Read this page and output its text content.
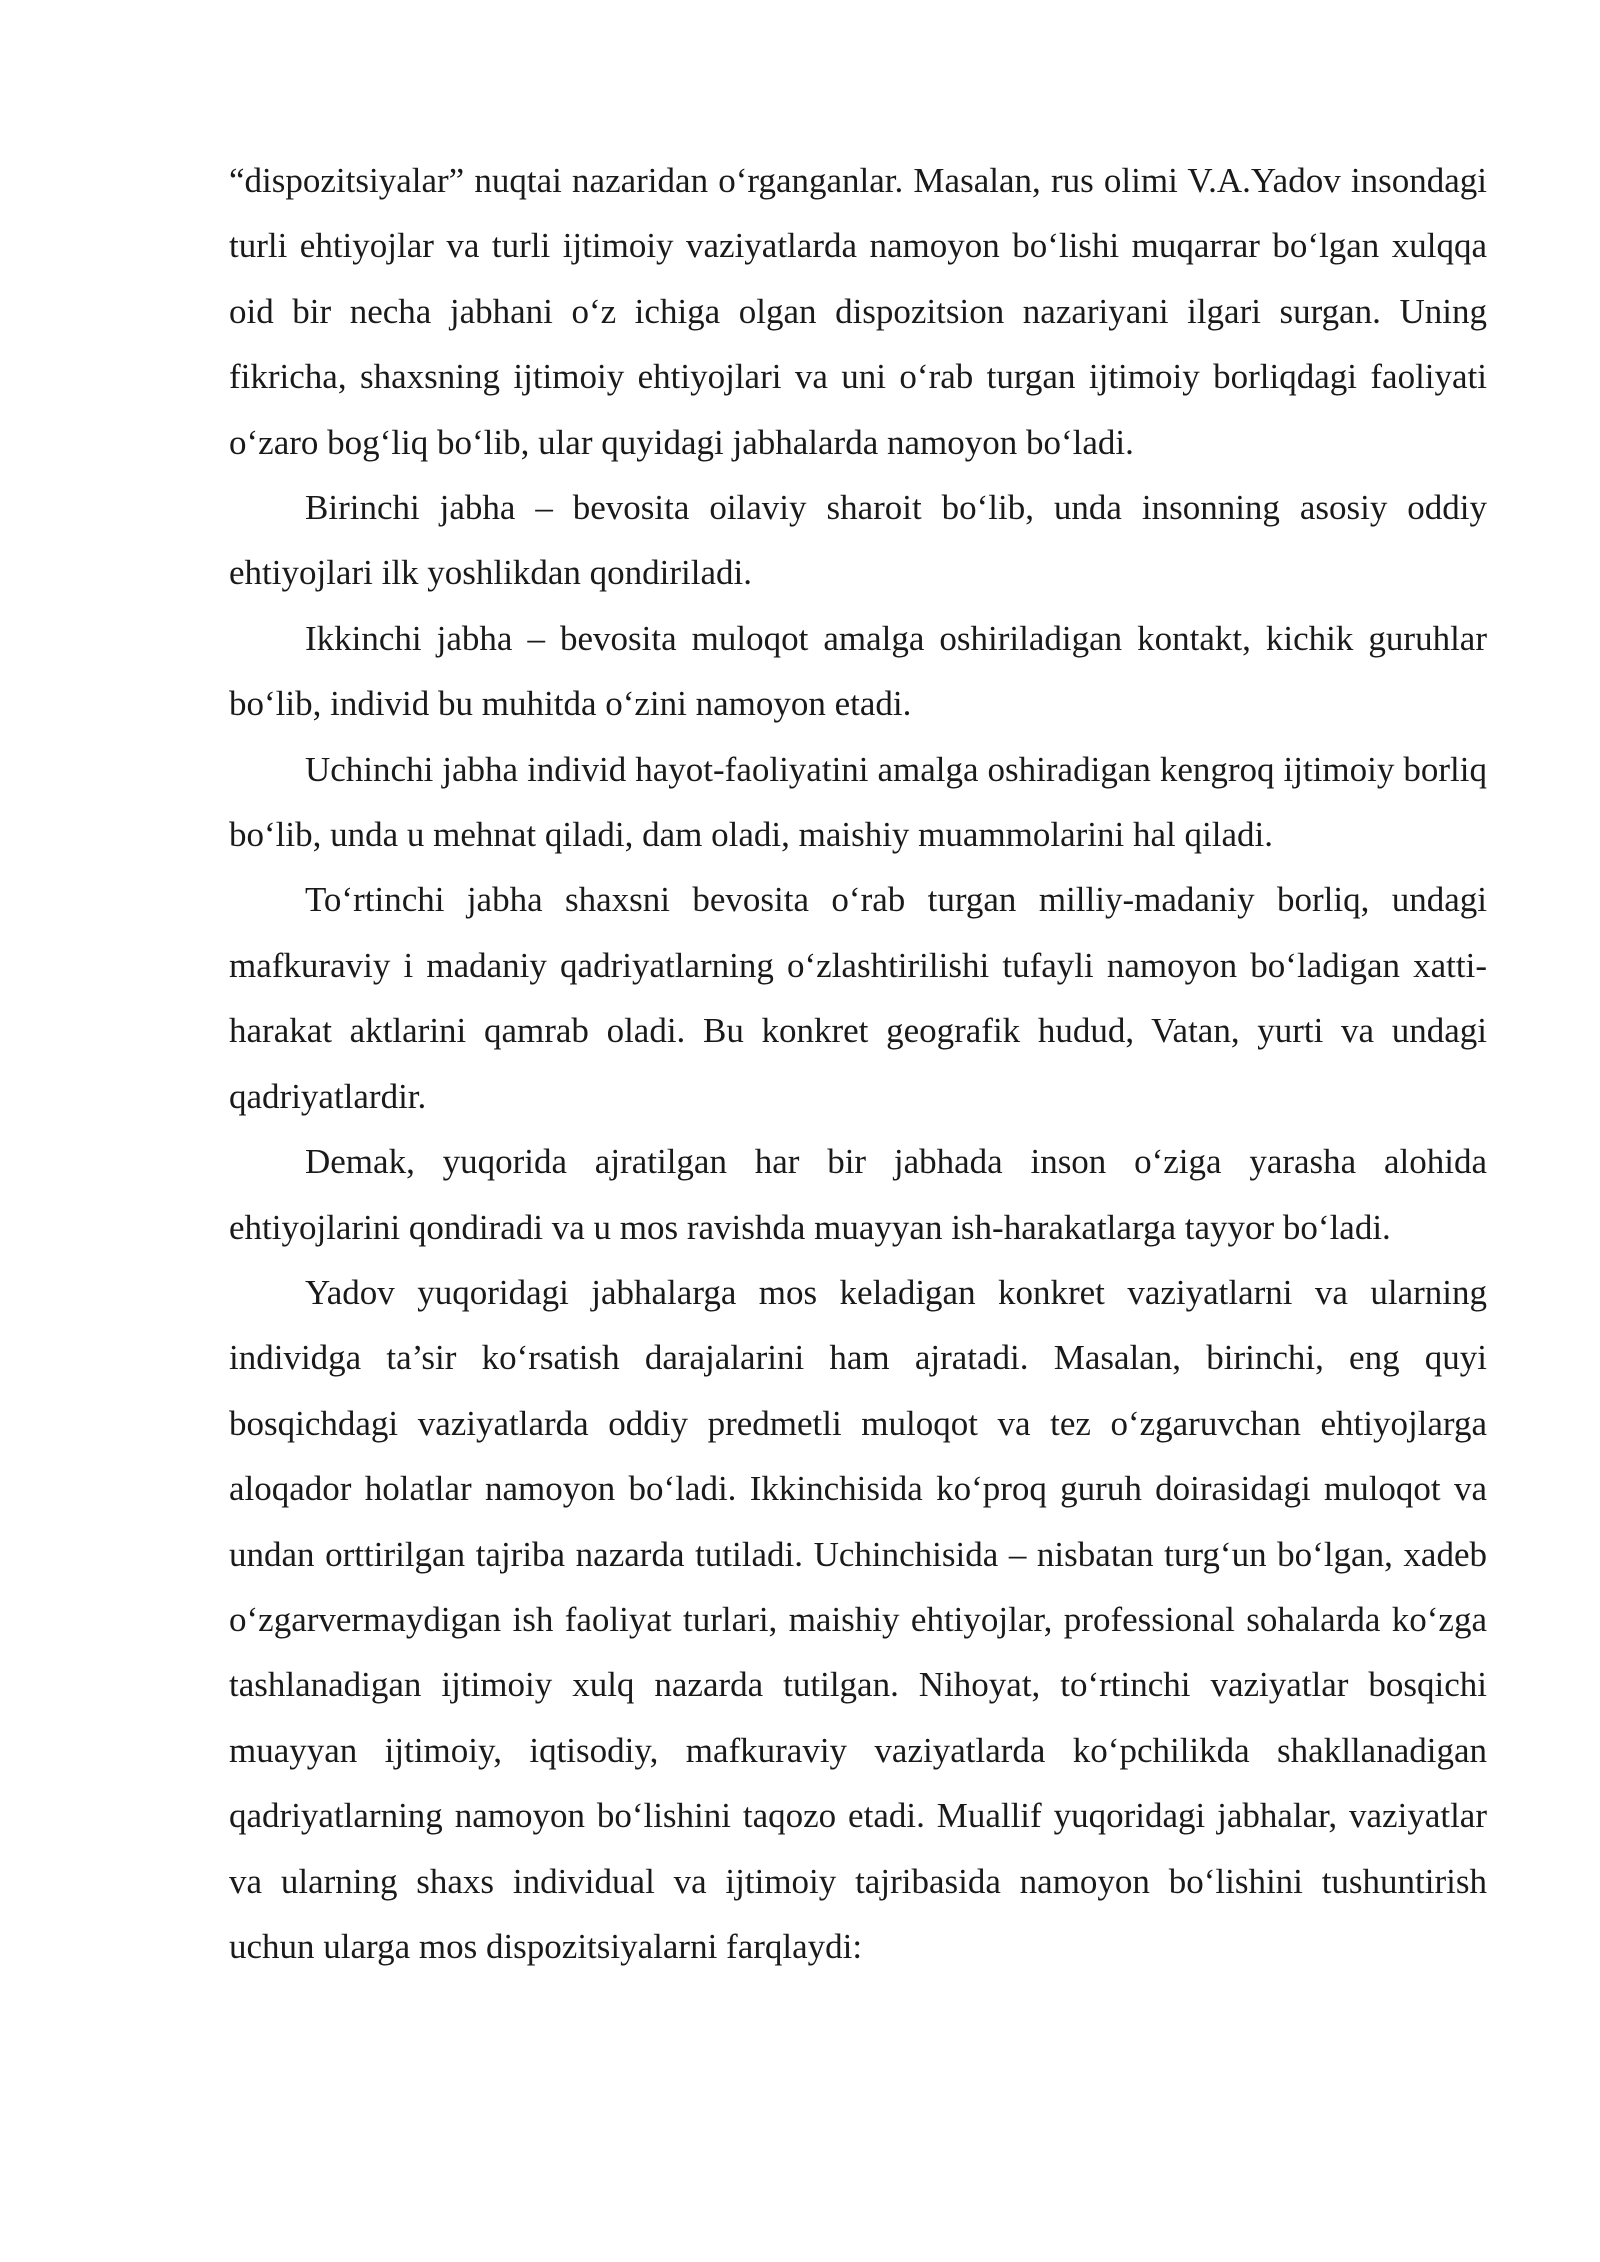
“dispozitsiyalar” nuqtai nazaridan o‘rganganlar. Masalan, rus olimi V.A.Yadov insondagi turli ehtiyojlar va turli ijtimoiy vaziyatlarda namoyon bo‘lishi muqarrar bo‘lgan xulqqa oid bir necha jabhani o‘z ichiga olgan dispozitsion nazariyani ilgari surgan. Uning fikricha, shaxsning ijtimoiy ehtiyojlari va uni o‘rab turgan ijtimoiy borliqdagi faoliyati o‘zaro bog‘liq bo‘lib, ular quyidagi jabhalarda namoyon bo‘ladi.

Birinchi jabha – bevosita oilaviy sharoit bo‘lib, unda insonning asosiy oddiy ehtiyojlari ilk yoshlikdan qondiriladi.

Ikkinchi jabha – bevosita muloqot amalga oshiriladigan kontakt, kichik guruhlar bo‘lib, individ bu muhitda o‘zini namoyon etadi.

Uchinchi jabha individ hayot-faoliyatini amalga oshiradigan kengroq ijtimoiy borliq bo‘lib, unda u mehnat qiladi, dam oladi, maishiy muammolarini hal qiladi.

To‘rtinchi jabha shaxsni bevosita o‘rab turgan milliy-madaniy borliq, undagi mafkuraviy i madaniy qadriyatlarning o‘zlashtirilishi tufayli namoyon bo‘ladigan xatti-harakat aktlarini qamrab oladi. Bu konkret geografik hudud, Vatan, yurti va undagi qadriyatlardir.

Demak, yuqorida ajratilgan har bir jabhada inson o‘ziga yarasha alohida ehtiyojlarini qondiradi va u mos ravishda muayyan ish-harakatlarga tayyor bo‘ladi.

Yadov yuqoridagi jabhalarga mos keladigan konkret vaziyatlarni va ularning individga ta’sir ko‘rsatish darajalarini ham ajratadi. Masalan, birinchi, eng quyi bosqichdagi vaziyatlarda oddiy predmetli muloqot va tez o‘zgaruvchan ehtiyojlarga aloqador holatlar namoyon bo‘ladi. Ikkinchisida ko‘proq guruh doirasidagi muloqot va undan orttirilgan tajriba nazarda tutiladi. Uchinchisida – nisbatan turg‘un bo‘lgan, xadeb o‘zgarvermaydigan ish faoliyat turlari, maishiy ehtiyojlar, professional sohalarda ko‘zga tashlanadigan ijtimoiy xulq nazarda tutilgan. Nihoyat, to‘rtinchi vaziyatlar bosqichi muayyan ijtimoiy, iqtisodiy, mafkuraviy vaziyatlarda ko‘pchilikda shakllanadigan qadriyatlarning namoyon bo‘lishini taqozo etadi. Muallif yuqoridagi jabhalar, vaziyatlar va ularning shaxs individual va ijtimoiy tajribasida namoyon bo‘lishini tushuntirish uchun ularga mos dispozitsiyalarni farqlaydi:
